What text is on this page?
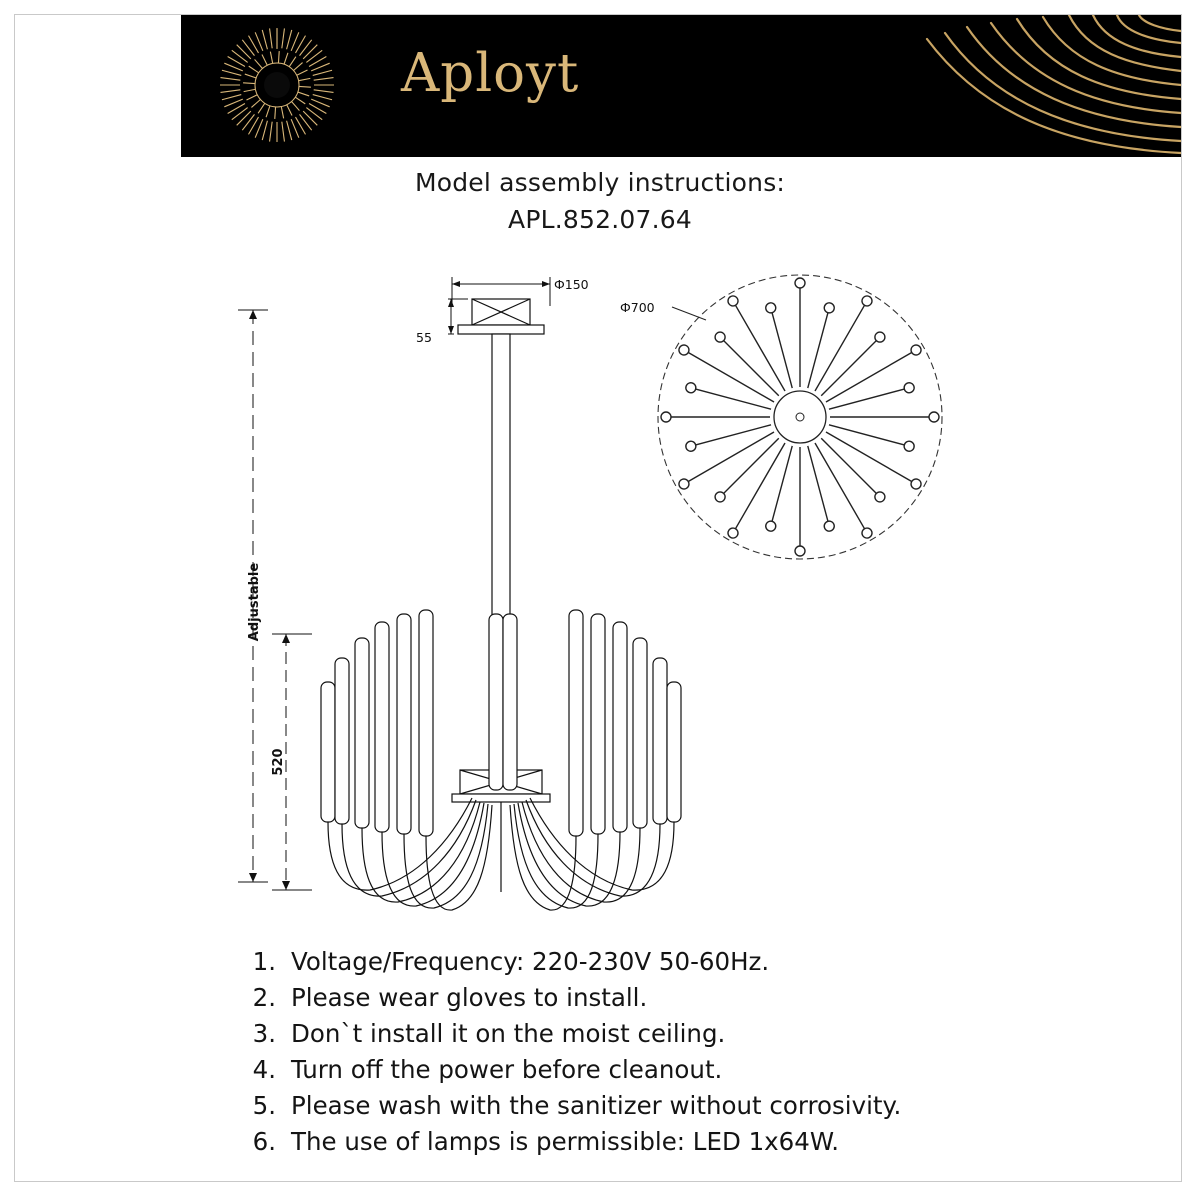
Aployt
Model assembly instructions:
APL.852.07.64
Ф700
Ф150
55
Adjustable
520
1. Voltage/Frequency: 220-230V 50-60Hz.
2. Please wear gloves to install.
3. Don`t install it on the moist ceiling.
4. Turn off the power before cleanout.
5. Please wash with the sanitizer without corrosivity.
6. The use of lamps is permissible: LED 1x64W.
